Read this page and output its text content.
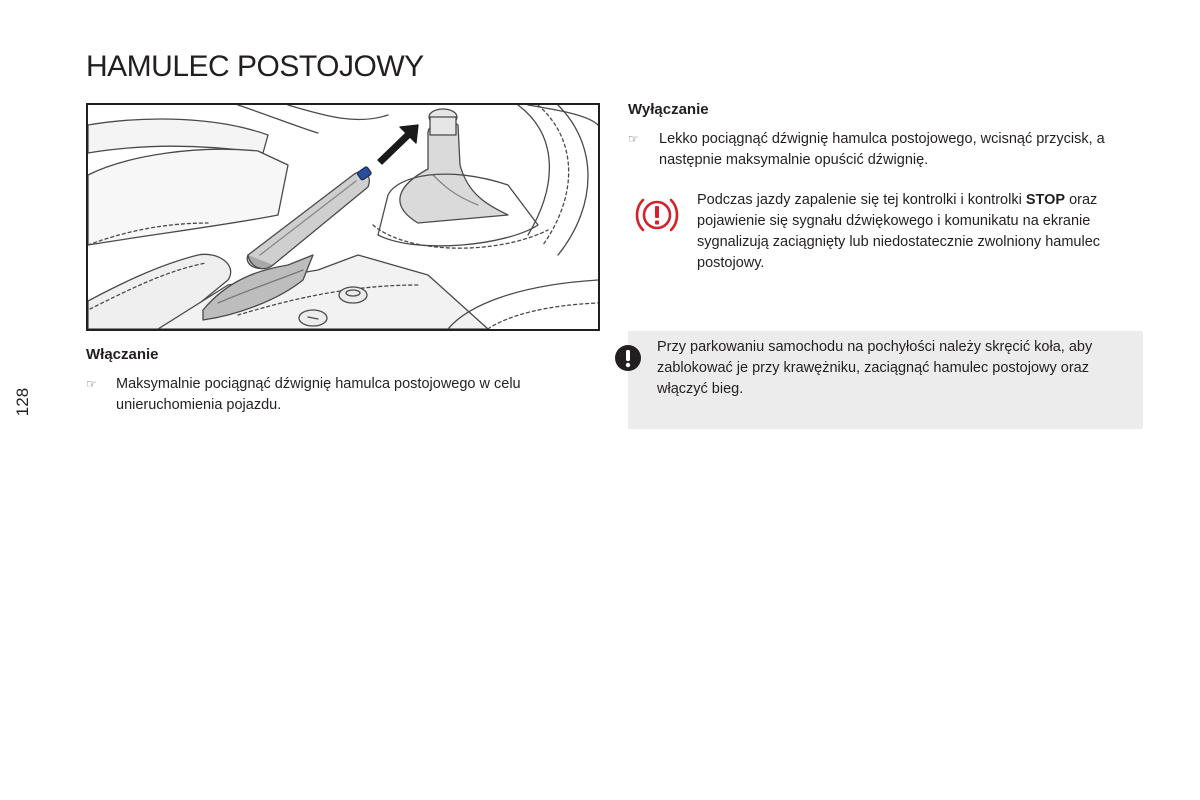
HAMULEC POSTOJOWY
128
Włączanie
☞	Maksymalnie pociągnąć dźwignię hamulca postojowego w celu unieruchomienia pojazdu.
Wyłączanie
☞	Lekko pociągnąć dźwignię hamulca postojowego, wcisnąć przycisk, a następnie maksymalnie opuścić dźwignię.
Podczas jazdy zapalenie się tej kontrolki i kontrolki STOP oraz pojawienie się sygnału dźwiękowego i komunikatu na ekranie sygnalizują zaciągnięty lub niedostatecznie zwolniony hamulec postojowy.
Przy parkowaniu samochodu na pochyłości należy skręcić koła, aby zablokować je przy krawężniku, zaciągnąć hamulec postojowy oraz włączyć bieg.
